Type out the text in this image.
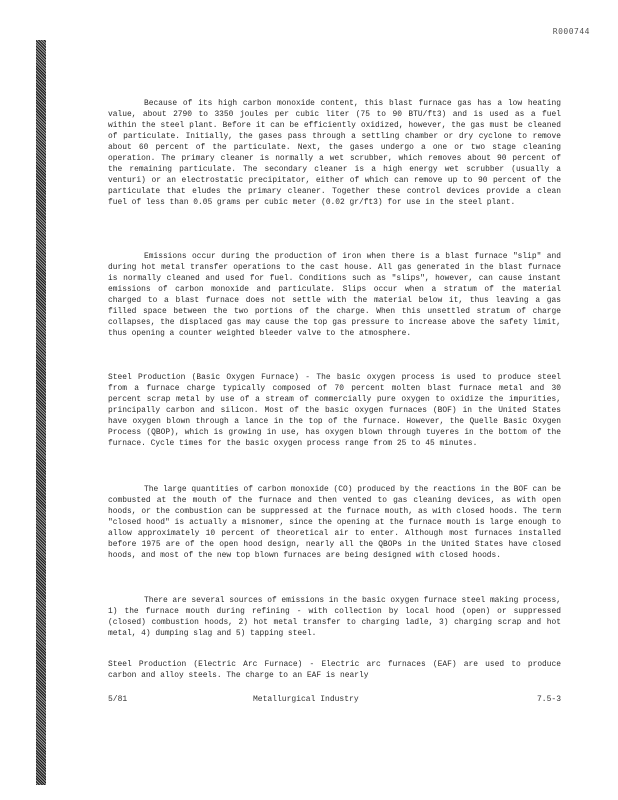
R000744

Because of its high carbon monoxide content, this blast furnace gas has a low heating value, about 2790 to 3350 joules per cubic liter (75 to 90 BTU/ft3) and is used as a fuel within the steel plant. Before it can be efficiently oxidized, however, the gas must be cleaned of particulate. Initially, the gases pass through a settling chamber or dry cyclone to remove about 60 percent of the particulate. Next, the gases undergo a one or two stage cleaning operation. The primary cleaner is normally a wet scrubber, which removes about 90 percent of the remaining particulate. The secondary cleaner is a high energy wet scrubber (usually a venturi) or an electrostatic precipitator, either of which can remove up to 90 percent of the particulate that eludes the primary cleaner. Together these control devices provide a clean fuel of less than 0.05 grams per cubic meter (0.02 gr/ft3) for use in the steel plant.

Emissions occur during the production of iron when there is a blast furnace "slip" and during hot metal transfer operations to the cast house. All gas generated in the blast furnace is normally cleaned and used for fuel. Conditions such as "slips", however, can cause instant emissions of carbon monoxide and particulate. Slips occur when a stratum of the material charged to a blast furnace does not settle with the material below it, thus leaving a gas filled space between the two portions of the charge. When this unsettled stratum of charge collapses, the displaced gas may cause the top gas pressure to increase above the safety limit, thus opening a counter weighted bleeder valve to the atmosphere.

Steel Production (Basic Oxygen Furnace) - The basic oxygen process is used to produce steel from a furnace charge typically composed of 70 percent molten blast furnace metal and 30 percent scrap metal by use of a stream of commercially pure oxygen to oxidize the impurities, principally carbon and silicon. Most of the basic oxygen furnaces (BOF) in the United States have oxygen blown through a lance in the top of the furnace. However, the Quelle Basic Oxygen Process (QBOP), which is growing in use, has oxygen blown through tuyeres in the bottom of the furnace. Cycle times for the basic oxygen process range from 25 to 45 minutes.

The large quantities of carbon monoxide (CO) produced by the reactions in the BOF can be combusted at the mouth of the furnace and then vented to gas cleaning devices, as with open hoods, or the combustion can be suppressed at the furnace mouth, as with closed hoods. The term "closed hood" is actually a misnomer, since the opening at the furnace mouth is large enough to allow approximately 10 percent of theoretical air to enter. Although most furnaces installed before 1975 are of the open hood design, nearly all the QBOPs in the United States have closed hoods, and most of the new top blown furnaces are being designed with closed hoods.

There are several sources of emissions in the basic oxygen furnace steel making process, 1) the furnace mouth during refining - with collection by local hood (open) or suppressed (closed) combustion hoods, 2) hot metal transfer to charging ladle, 3) charging scrap and hot metal, 4) dumping slag and 5) tapping steel.

Steel Production (Electric Arc Furnace) - Electric arc furnaces (EAF) are used to produce carbon and alloy steels. The charge to an EAF is nearly

5/81	Metallurgical Industry	7.5-3
